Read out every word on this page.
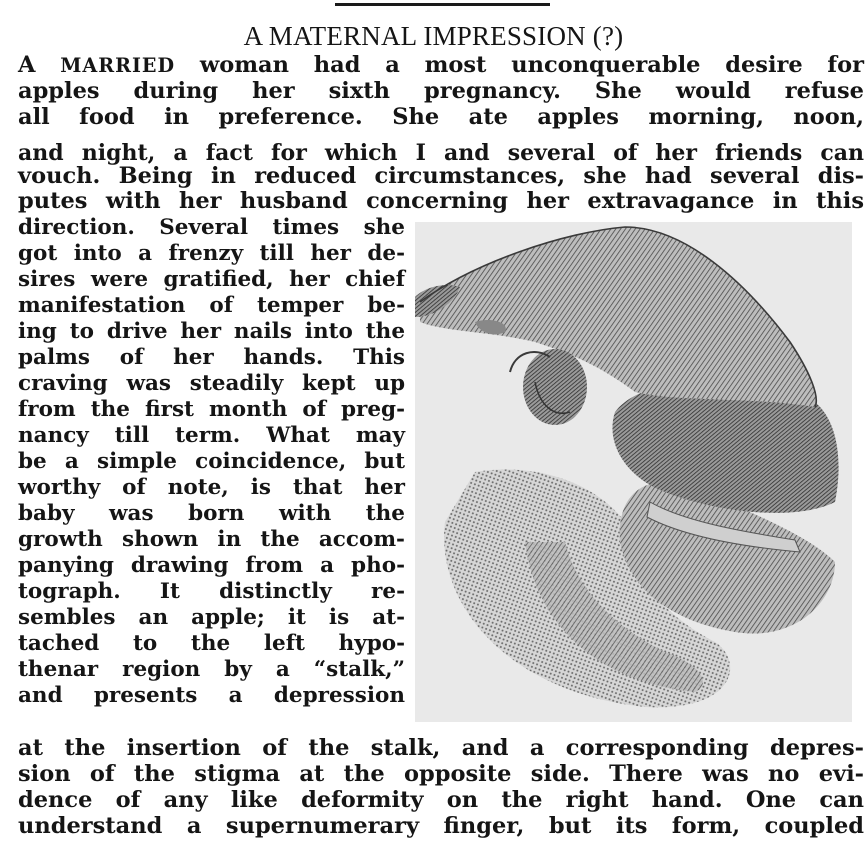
A MATERNAL IMPRESSION (?)
A MARRIED woman had a most unconquerable desire for
apples during her sixth pregnancy. She would refuse
all food in preference. She ate apples morning, noon,
and night, a fact for which I and several of her friends can
vouch. Being in reduced circumstances, she had several dis-
putes with her husband concerning her extravagance in this
direction. Several times she
got into a frenzy till her de-
sires were gratified, her chief
manifestation of temper be-
ing to drive her nails into the
palms of her hands. This
craving was steadily kept up
from the first month of preg-
nancy till term. What may
be a simple coincidence, but
worthy of note, is that her
baby was born with the
growth shown in the accom-
panying drawing from a pho-
tograph. It distinctly re-
sembles an apple; it is at-
tached to the left hypo-
thenar region by a “stalk,”
and presents a depression
at the insertion of the stalk, and a corresponding depres-
sion of the stigma at the opposite side. There was no evi-
dence of any like deformity on the right hand. One can
understand a supernumerary finger, but its form, coupled
